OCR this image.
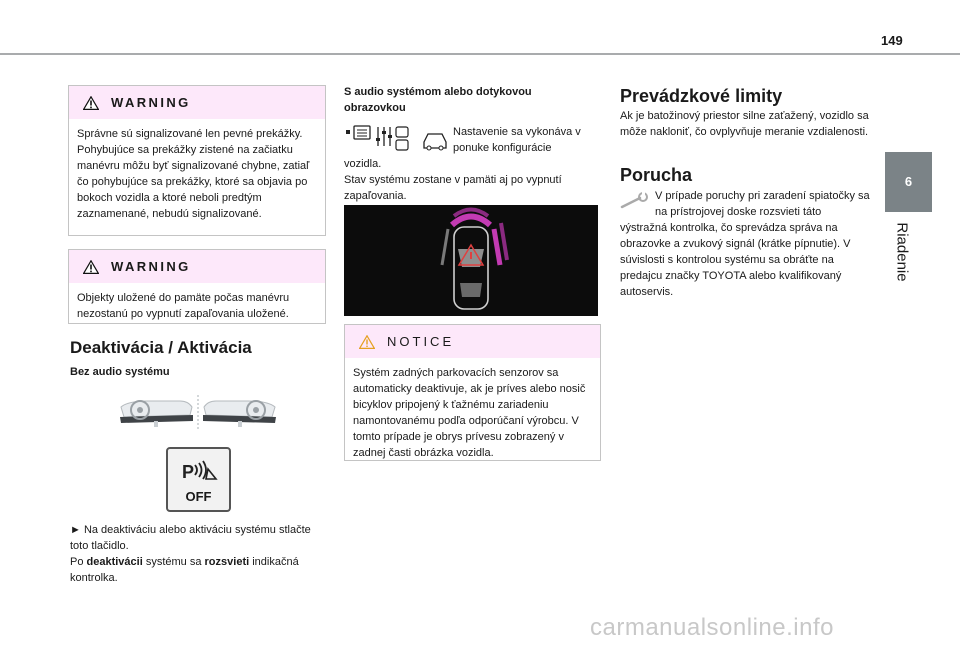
149
6
Riadenie
WARNING
Správne sú signalizované len pevné prekážky. Pohybujúce sa prekážky zistené na začiatku manévru môžu byť signalizované chybne, zatiaľ čo pohybujúce sa prekážky, ktoré sa objavia po bokoch vozidla a ktoré neboli predtým zaznamenané, nebudú signalizované.
WARNING
Objekty uložené do pamäte počas manévru nezostanú po vypnutí zapaľovania uložené.
Deaktivácia / Aktivácia
Bez audio systému
P
OFF
► Na deaktiváciu alebo aktiváciu systému stlačte toto tlačidlo.
Po deaktivácii systému sa rozsvieti indikačná kontrolka.
S audio systémom alebo dotykovou obrazovkou
Nastavenie sa vykonáva v ponuke konfigurácie
vozidla.
Stav systému zostane v pamäti aj po vypnutí zapaľovania.
NOTICE
Systém zadných parkovacích senzorov sa automaticky deaktivuje, ak je príves alebo nosič bicyklov pripojený k ťažnému zariadeniu namontovanému podľa odporúčaní výrobcu. V tomto prípade je obrys prívesu zobrazený v zadnej časti obrázka vozidla.
Prevádzkové limity
Ak je batožinový priestor silne zaťažený, vozidlo sa môže nakloniť, čo ovplyvňuje meranie vzdialenosti.
Porucha
V prípade poruchy pri zaradení spiatočky sa na prístrojovej doske rozsvieti táto
výstražná kontrolka, čo sprevádza správa na obrazovke a zvukový signál (krátke pípnutie). V súvislosti s kontrolou systému sa obráťte na predajcu značky TOYOTA alebo kvalifikovaný autoservis.
carmanualsonline.info
